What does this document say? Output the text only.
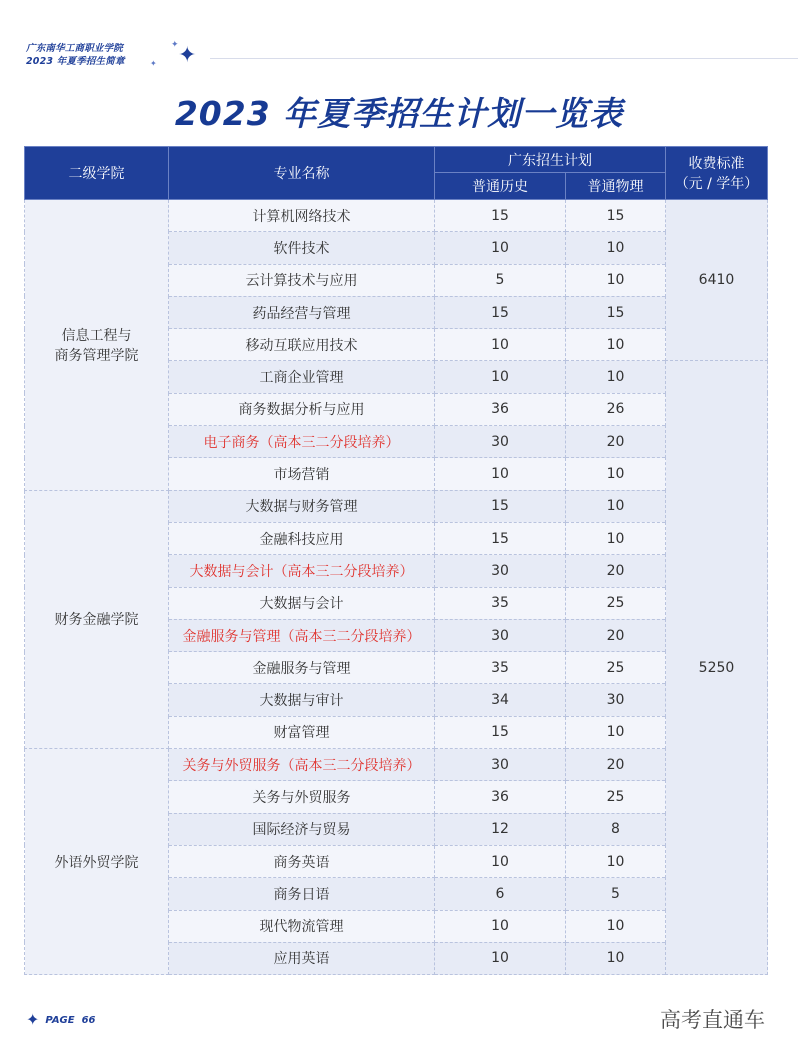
广东南华工商职业学院
2023 年夏季招生简章
✦ ✦
✦
2023 年夏季招生计划一览表
二级学院	专业名称	广东招生计划		收费标准
（元 / 学年）

		普通历史	普通物理	
信息工程与
商务管理学院	计算机网络技术	15	15	6410
	软件技术	10	10	
	云计算技术与应用	5	10	
	药品经营与管理	15	15	
	移动互联应用技术	10	10	
	工商企业管理	10	10	5250
	商务数据分析与应用	36	26	
	电子商务（高本三二分段培养）	30	20	
	市场营销	10	10	
财务金融学院	大数据与财务管理	15	10	
	金融科技应用	15	10	
	大数据与会计（高本三二分段培养）	30	20	
	大数据与会计	35	25	
	金融服务与管理（高本三二分段培养）	30	20	
	金融服务与管理	35	25	
	大数据与审计	34	30	
	财富管理	15	10	
外语外贸学院	关务与外贸服务（高本三二分段培养）	30	20	
	关务与外贸服务	36	25	
	国际经济与贸易	12	8	
	商务英语	10	10	
	商务日语	6	5	
	现代物流管理	10	10	
	应用英语	10	10	
✦ PAGE 66	高考直通车
